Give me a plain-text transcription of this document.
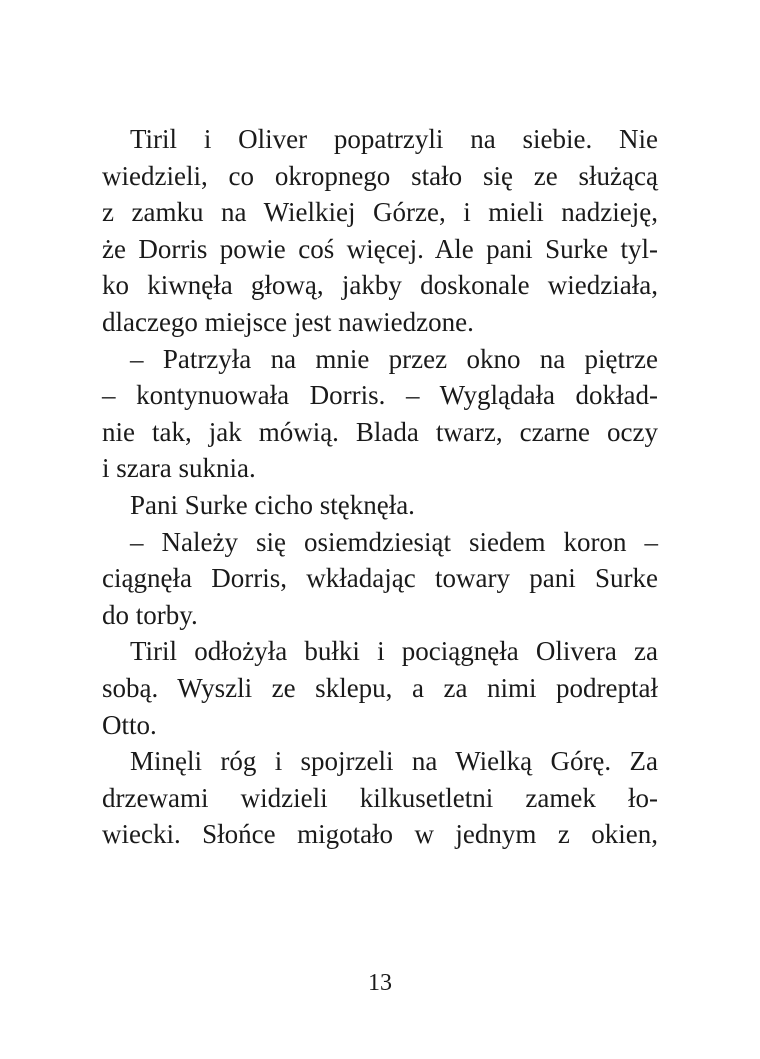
Tiril i Oliver popatrzyli na siebie. Nie
wiedzieli, co okropnego stało się ze służącą
z zamku na Wielkiej Górze, i mieli nadzieję,
że Dorris powie coś więcej. Ale pani Surke tyl-
ko kiwnęła głową, jakby doskonale wiedziała,
dlaczego miejsce jest nawiedzone.
– Patrzyła na mnie przez okno na piętrze
– kontynuowała Dorris. – Wyglądała dokład-
nie tak, jak mówią. Blada twarz, czarne oczy
i szara suknia.
Pani Surke cicho stęknęła.
– Należy się osiemdziesiąt siedem koron –
ciągnęła Dorris, wkładając towary pani Surke
do torby.
Tiril odłożyła bułki i pociągnęła Olivera za
sobą. Wyszli ze sklepu, a za nimi podreptał
Otto.
Minęli róg i spojrzeli na Wielką Górę. Za
drzewami widzieli kilkusetletni zamek ło-
wiecki. Słońce migotało w jednym z okien,
13
